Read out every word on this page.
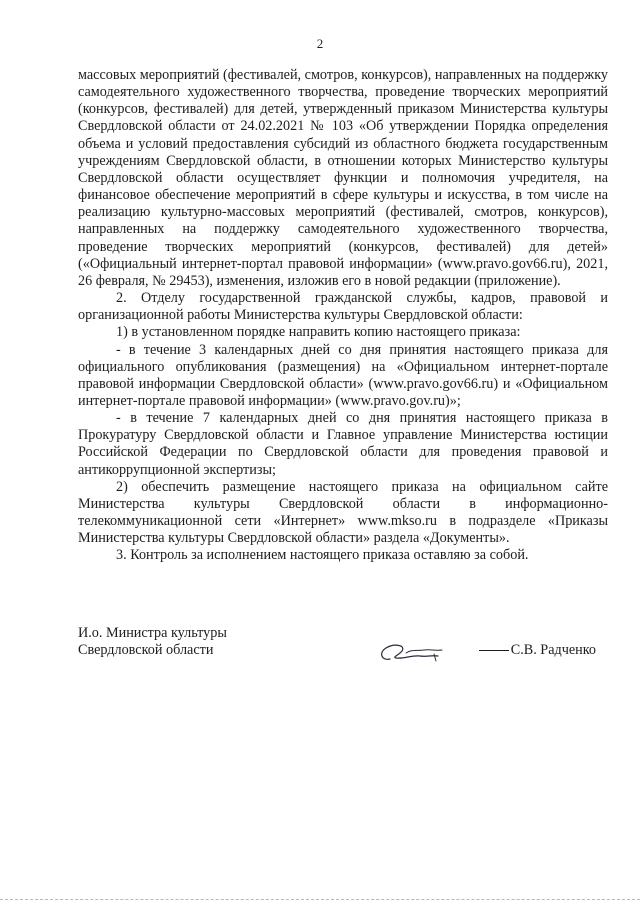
2

массовых мероприятий (фестивалей, смотров, конкурсов), направленных на поддержку самодеятельного художественного творчества, проведение творческих мероприятий (конкурсов, фестивалей) для детей, утвержденный приказом Министерства культуры Свердловской области от 24.02.2021 № 103 «Об утверждении Порядка определения объема и условий предоставления субсидий из областного бюджета государственным учреждениям Свердловской области, в отношении которых Министерство культуры Свердловской области осуществляет функции и полномочия учредителя, на финансовое обеспечение мероприятий в сфере культуры и искусства, в том числе на реализацию культурно-массовых мероприятий (фестивалей, смотров, конкурсов), направленных на поддержку самодеятельного художественного творчества, проведение творческих мероприятий (конкурсов, фестивалей) для детей» («Официальный интернет-портал правовой информации» (www.pravo.gov66.ru), 2021, 26 февраля, № 29453), изменения, изложив его в новой редакции (приложение).

2. Отделу государственной гражданской службы, кадров, правовой и организационной работы Министерства культуры Свердловской области:

1) в установленном порядке направить копию настоящего приказа:

- в течение 3 календарных дней со дня принятия настоящего приказа для официального опубликования (размещения) на «Официальном интернет-портале правовой информации Свердловской области» (www.pravo.gov66.ru) и «Официальном интернет-портале правовой информации» (www.pravo.gov.ru)»;

- в течение 7 календарных дней со дня принятия настоящего приказа в Прокуратуру Свердловской области и Главное управление Министерства юстиции Российской Федерации по Свердловской области для проведения правовой и антикоррупционной экспертизы;

2) обеспечить размещение настоящего приказа на официальном сайте Министерства культуры Свердловской области в информационно-телекоммуникационной сети «Интернет» www.mkso.ru в подразделе «Приказы Министерства культуры Свердловской области» раздела «Документы».

3. Контроль за исполнением настоящего приказа оставляю за собой.

И.о. Министра культуры
Свердловской области	С.В. Радченко
